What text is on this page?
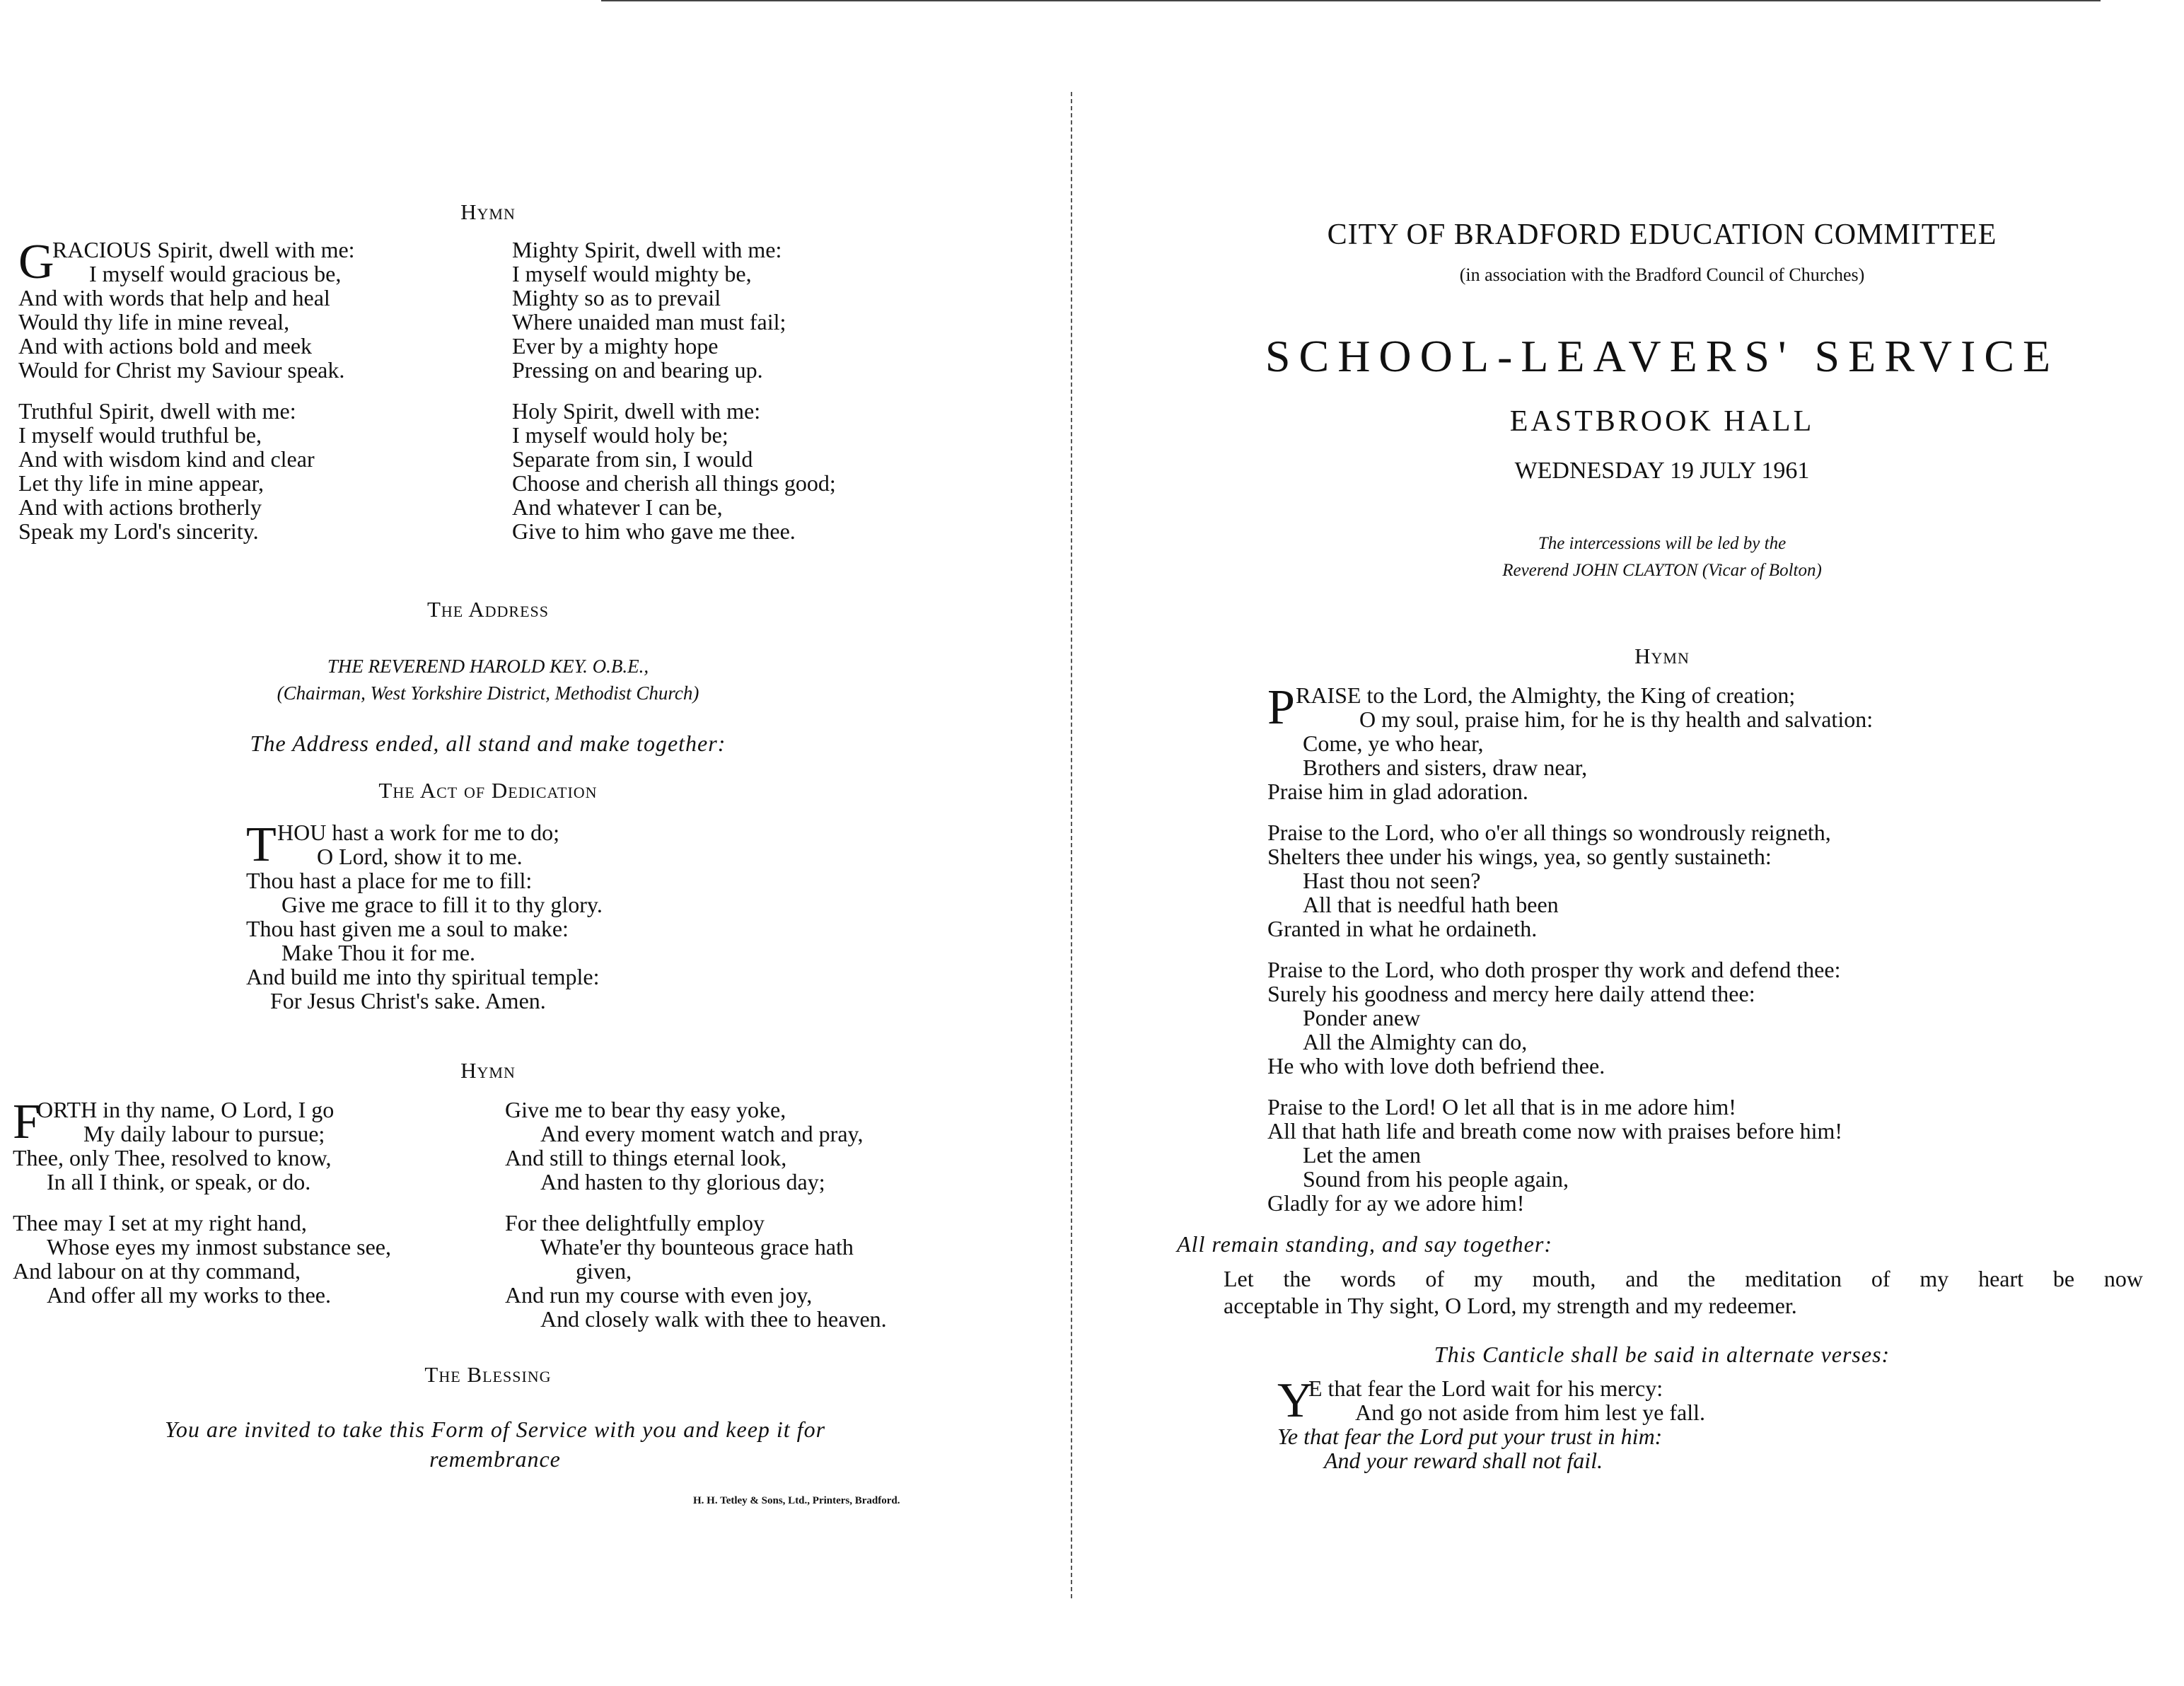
Hymn
G
RACIOUS Spirit, dwell with me:
I myself would gracious be,
And with words that help and heal
Would thy life in mine reveal,
And with actions bold and meek
Would for Christ my Saviour speak.
Truthful Spirit, dwell with me:
I myself would truthful be,
And with wisdom kind and clear
Let thy life in mine appear,
And with actions brotherly
Speak my Lord's sincerity.
Mighty Spirit, dwell with me:
I myself would mighty be,
Mighty so as to prevail
Where unaided man must fail;
Ever by a mighty hope
Pressing on and bearing up.
Holy Spirit, dwell with me:
I myself would holy be;
Separate from sin, I would
Choose and cherish all things good;
And whatever I can be,
Give to him who gave me thee.
The Address
THE REVEREND HAROLD KEY. O.B.E.,
(Chairman, West Yorkshire District, Methodist Church)
The Address ended, all stand and make together:
The Act of Dedication
T HOU hast a work for me to do;
O Lord, show it to me.
Thou hast a place for me to fill:
Give me grace to fill it to thy glory.
Thou hast given me a soul to make:
Make Thou it for me.
And build me into thy spiritual temple:
For Jesus Christ's sake. Amen.
Hymn
F
ORTH in thy name, O Lord, I go
My daily labour to pursue;
Thee, only Thee, resolved to know,
In all I think, or speak, or do.
Thee may I set at my right hand,
Whose eyes my inmost substance see,
And labour on at thy command,
And offer all my works to thee.
Give me to bear thy easy yoke,
And every moment watch and pray,
And still to things eternal look,
And hasten to thy glorious day;
For thee delightfully employ
Whate'er thy bounteous grace hath
given,
And run my course with even joy,
And closely walk with thee to heaven.
The Blessing
You are invited to take this Form of Service with you and keep it for
remembrance
H. H. Tetley & Sons, Ltd., Printers, Bradford.
CITY OF BRADFORD EDUCATION COMMITTEE
(in association with the Bradford Council of Churches)
SCHOOL-LEAVERS' SERVICE
EASTBROOK HALL
WEDNESDAY 19 JULY 1961
The intercessions will be led by the
Reverend JOHN CLAYTON (Vicar of Bolton)
Hymn
P RAISE to the Lord, the Almighty, the King of creation;
O my soul, praise him, for he is thy health and salvation:
Come, ye who hear,
Brothers and sisters, draw near,
Praise him in glad adoration.
Praise to the Lord, who o'er all things so wondrously reigneth,
Shelters thee under his wings, yea, so gently sustaineth:
Hast thou not seen?
All that is needful hath been
Granted in what he ordaineth.
Praise to the Lord, who doth prosper thy work and defend thee:
Surely his goodness and mercy here daily attend thee:
Ponder anew
All the Almighty can do,
He who with love doth befriend thee.
Praise to the Lord! O let all that is in me adore him!
All that hath life and breath come now with praises before him!
Let the amen
Sound from his people again,
Gladly for ay we adore him!
All remain standing, and say together:
Let the words of my mouth, and the meditation of my heart be now
acceptable in Thy sight, O Lord, my strength and my redeemer.
This Canticle shall be said in alternate verses:
Y
E that fear the Lord wait for his mercy:
And go not aside from him lest ye fall.
Ye that fear the Lord put your trust in him:
And your reward shall not fail.
